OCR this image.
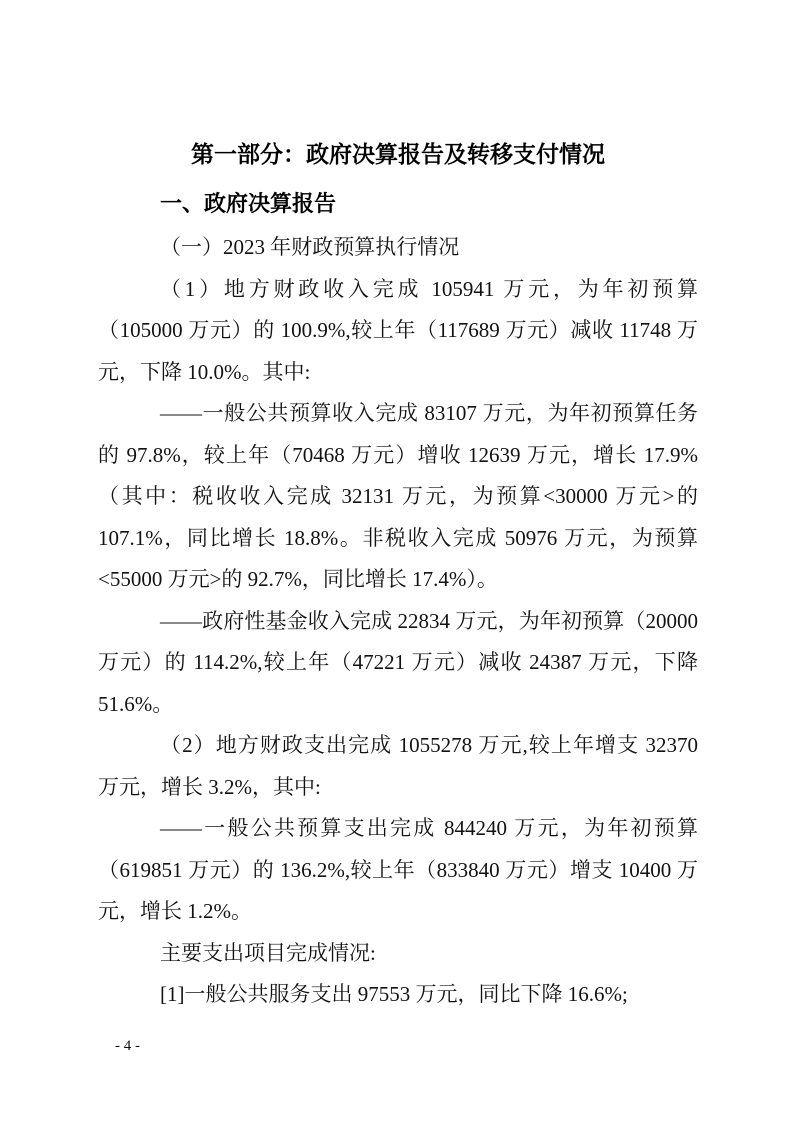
第一部分：政府决算报告及转移支付情况
一、政府决算报告

（一）2023 年财政预算执行情况

（1）地方财政收入完成 105941 万元，为年初预算（105000 万元）的 100.9%,较上年（117689 万元）减收 11748 万元，下降 10.0%。其中:

——一般公共预算收入完成 83107 万元，为年初预算任务的 97.8%，较上年（70468 万元）增收 12639 万元，增长 17.9%（其中：税收收入完成 32131 万元，为预算<30000 万元>的 107.1%，同比增长 18.8%。非税收入完成 50976 万元，为预算<55000 万元>的 92.7%，同比增长 17.4%）。

——政府性基金收入完成 22834 万元，为年初预算（20000 万元）的 114.2%,较上年（47221 万元）减收 24387 万元，下降 51.6%。

（2）地方财政支出完成 1055278 万元,较上年增支 32370 万元，增长 3.2%，其中:

——一般公共预算支出完成 844240 万元，为年初预算（619851 万元）的 136.2%,较上年（833840 万元）增支 10400 万元，增长 1.2%。

主要支出项目完成情况:

[1]一般公共服务支出 97553 万元，同比下降 16.6%;

- 4 -
